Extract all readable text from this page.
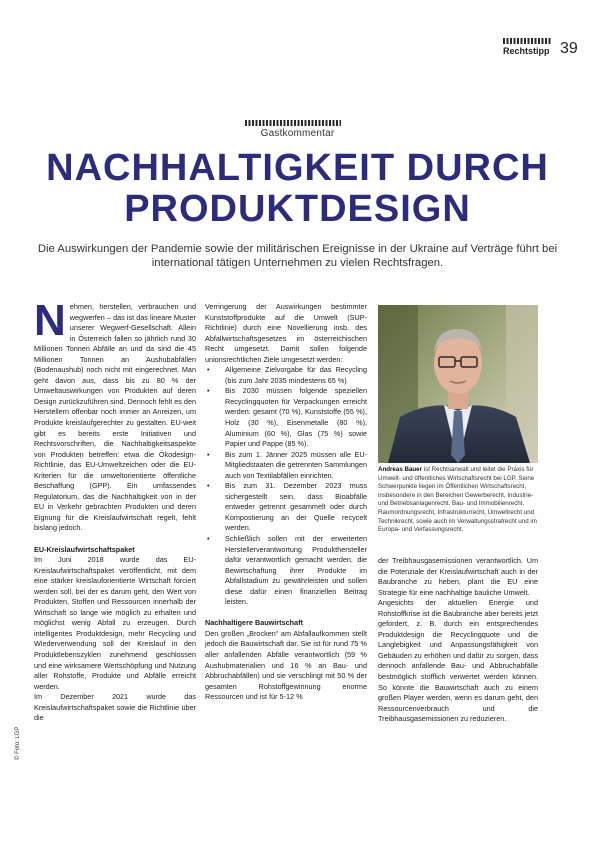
Rechtstipp 39
Gastkommentar
NACHHALTIGKEIT DURCH PRODUKTDESIGN

Die Auswirkungen der Pandemie sowie der militärischen Ereignisse in der Ukraine auf Verträge führt bei international tätigen Unternehmen zu vielen Rechtsfragen.

Nehmen, herstellen, verbrauchen und wegwerfen – das ist das lineare Muster unserer Wegwerf-Gesellschaft. Allein in Österreich fallen so jährlich rund 30 Millionen Tonnen Abfälle an und da sind die 45 Millionen Tonnen an Aushubabfällen (Bodenaushub) noch nicht mit eingerechnet. Man geht davon aus, dass bis zu 80 % der Umweltauswirkungen von Produkten auf deren Design zurückzuführen sind. Dennoch fehlt es den Herstellern offenbar noch immer an Anreizen, um Produkte kreislaufgerechter zu gestalten. EU-weit gibt es bereits erste Initiativen und Rechtsvorschriften, die Nachhaltigkeitsaspekte von Produkten betreffen: etwa die Ökodesign-Richtlinie, das EU-Umweltzeichen oder die EU-Kriterien für die umweltorientierte öffentliche Beschaffung (GPP). Ein umfassendes Regulatorium, das die Nachhaltigkeit von in der EU in Verkehr gebrachten Produkten und deren Eignung für die Kreislaufwirtschaft regelt, fehlt bislang jedoch.

EU-Kreislaufwirtschaftspaket

Im Juni 2018 wurde das EU-Kreislaufwirtschaftspaket veröffentlicht, mit dem eine stärker kreislauforientierte Wirtschaft forciert werden soll, bei der es darum geht, den Wert von Produkten, Stoffen und Ressourcen innerhalb der Wirtschaft so lange wie möglich zu erhalten und möglichst wenig Abfall zu erzeugen. Durch intelligentes Produktdesign, mehr Recycling und Wiederverwendung soll der Kreislauf in den Produktlebenszyklen zunehmend geschlossen und eine wirksamere Wertschöpfung und Nutzung aller Rohstoffe, Produkte und Abfälle erreicht werden.

Im Dezember 2021 wurde das Kreislaufwirtschaftspaket sowie die Richtlinie über die

Verringerung der Auswirkungen bestimmter Kunststoffprodukte auf die Umwelt (SUP-Richtlinie) durch eine Novellierung insb. des Abfallwirtschaftsgesetzes im österreichischen Recht umgesetzt. Damit sollen folgende unionsrechtlichen Ziele umgesetzt werden:

• Allgemeine Zielvorgabe für das Recycling (bis zum Jahr 2035 mindestens 65 %)
• Bis 2030 müssen folgende speziellen Recyclingquoten für Verpackungen erreicht werden: gesamt (70 %), Kunststoffe (55 %), Holz (30 %), Eisenmetalle (80 %), Aluminium (60 %), Glas (75 %) sowie Papier und Pappe (85 %).
• Bis zum 1. Jänner 2025 müssen alle EU-Mitgliedstaaten die getrennten Sammlungen auch von Textilabfällen einrichten.
• Bis zum 31. Dezember 2023 muss sichergestellt sein, dass Bioabfälle entweder getrennt gesammelt oder durch Kompostierung an der Quelle recycelt werden.
• Schließlich sollen mit der erweiterten Herstellerverantwortung Produkthersteller dafür verantwortlich gemacht werden, die Bewirtschaftung ihrer Produkte im Abfallstadium zu gewährleisten und sollen diese dafür einen finanziellen Beitrag leisten.
Nachhaltigere Bauwirtschaft

Den großen „Brocken“ am Abfallaufkommen stellt jedoch die Bauwirtschaft dar. Sie ist für rund 75 % aller anfallenden Abfälle verantwortlich (59 % Aushubmaterialien und 16 % an Bau- und Abbruchabfällen) und sie verschlingt mit 50 % der gesamten Rohstoffgewinnung enorme Ressourcen und ist für 5-12 %

Andreas Bauer ist Rechtsanwalt und leitet die Praxis für Umwelt- und öffentliches Wirtschaftsrecht bei LGP. Seine Schwerpunkte liegen im Öffentlichen Wirtschaftsrecht, insbesondere in den Bereichen Gewerberecht, Industrie- und Betriebsanlagenrecht, Bau- und Immobilienrecht, Raumordnungsrecht, Infrastrukturrecht, Umweltrecht und Technikrecht, sowie auch im Verwaltungsstrafrecht und im Europa- und Verfassungsrecht.

der Treibhausgasemissionen verantwortlich. Um die Potenziale der Kreislaufwirtschaft auch in der Baubranche zu heben, plant die EU eine Strategie für eine nachhaltige bauliche Umwelt.

Angesichts der aktuellen Energie und Rohstoffkrise ist die Baubranche aber bereits jetzt gefordert, z. B. durch ein entsprechendes Produktdesign die Recyclingquote und die Langlebigkeit und Anpassungsfähigkeit von Gebäuden zu erhöhen und dafür zu sorgen, dass dennoch anfallende Bau- und Abbruchabfälle bestmöglich stofflich verwertet werden können. So könnte die Bauwirtschaft auch zu einem großen Player werden, wenn es darum geht, den Ressourcenverbrauch und die Treibhausgasemissionen zu reduzieren.

© Foto: LGP
